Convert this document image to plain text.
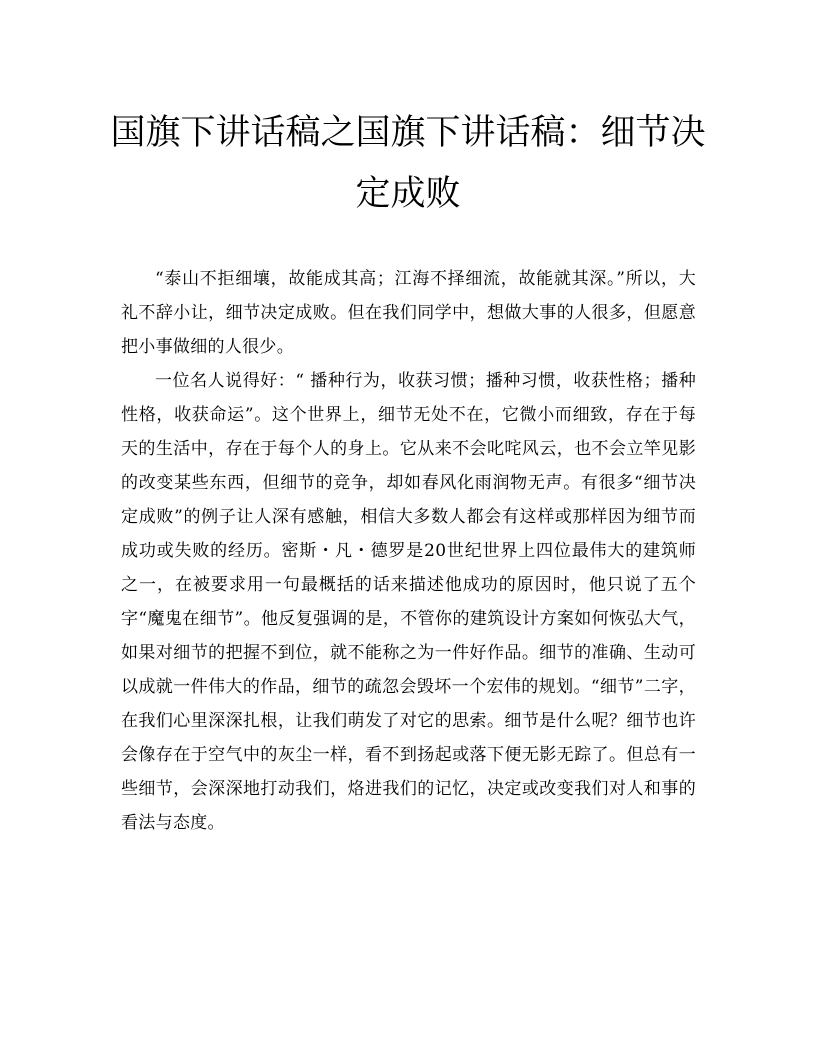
国旗下讲话稿之国旗下讲话稿：细节决定成败

“泰山不拒细壤，故能成其高；江海不择细流，故能就其深。”所以，大礼不辞小让，细节决定成败。但在我们同学中，想做大事的人很多，但愿意把小事做细的人很少。

一位名人说得好：“ 播种行为，收获习惯；播种习惯，收获性格；播种性格，收获命运”。这个世界上，细节无处不在，它微小而细致，存在于每天的生活中，存在于每个人的身上。它从来不会叱咤风云，也不会立竿见影的改变某些东西，但细节的竞争，却如春风化雨润物无声。有很多“细节决定成败”的例子让人深有感触，相信大多数人都会有这样或那样因为细节而成功或失败的经历。密斯・凡・德罗是20世纪世界上四位最伟大的建筑师之一，在被要求用一句最概括的话来描述他成功的原因时，他只说了五个字“魔鬼在细节”。他反复强调的是，不管你的建筑设计方案如何恢弘大气，如果对细节的把握不到位，就不能称之为一件好作品。细节的准确、生动可以成就一件伟大的作品，细节的疏忽会毁坏一个宏伟的规划。“细节”二字，在我们心里深深扎根，让我们萌发了对它的思索。细节是什么呢？细节也许会像存在于空气中的灰尘一样，看不到扬起或落下便无影无踪了。但总有一些细节，会深深地打动我们，烙进我们的记忆，决定或改变我们对人和事的看法与态度。
